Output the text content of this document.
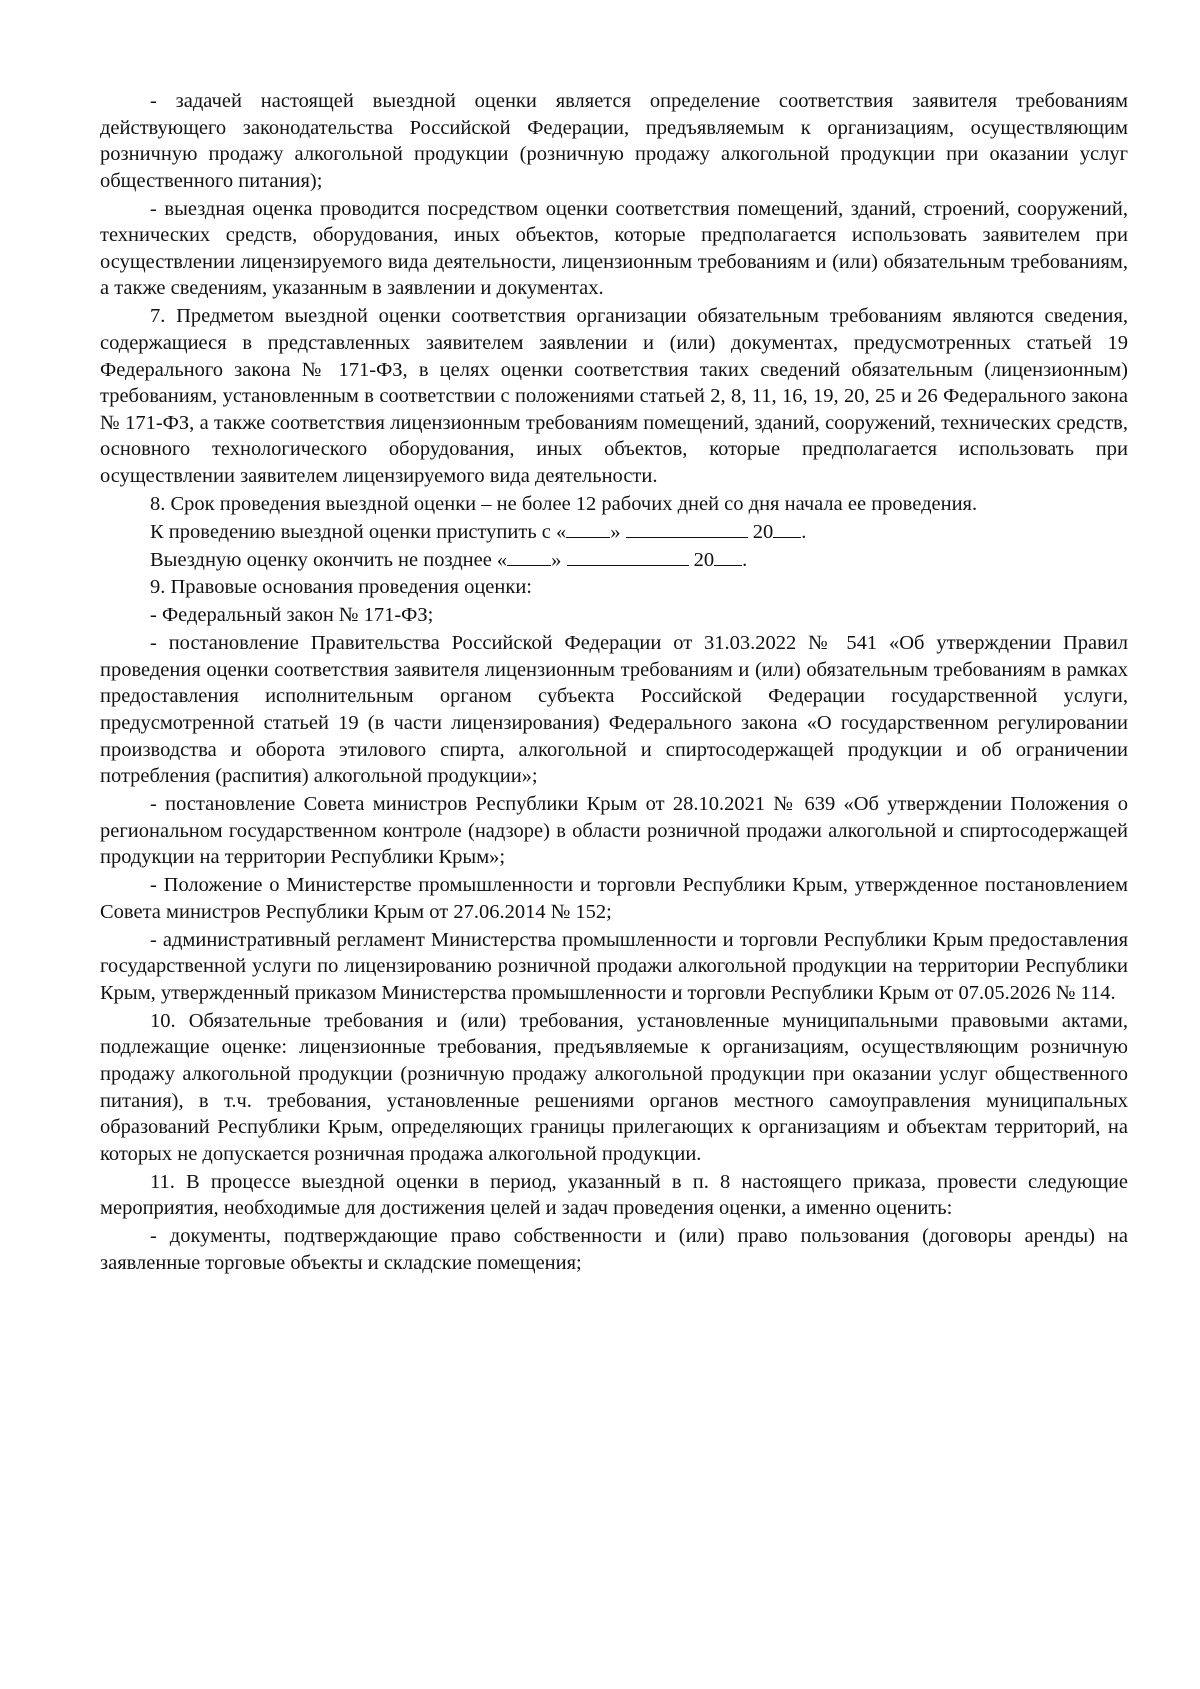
- задачей настоящей выездной оценки является определение соответствия заявителя требованиям действующего законодательства Российской Федерации, предъявляемым к организациям, осуществляющим розничную продажу алкогольной продукции (розничную продажу алкогольной продукции при оказании услуг общественного питания);

- выездная оценка проводится посредством оценки соответствия помещений, зданий, строений, сооружений, технических средств, оборудования, иных объектов, которые предполагается использовать заявителем при осуществлении лицензируемого вида деятельности, лицензионным требованиям и (или) обязательным требованиям, а также сведениям, указанным в заявлении и документах.

7. Предметом выездной оценки соответствия организации обязательным требованиям являются сведения, содержащиеся в представленных заявителем заявлении и (или) документах, предусмотренных статьей 19 Федерального закона № 171-ФЗ, в целях оценки соответствия таких сведений обязательным (лицензионным) требованиям, установленным в соответствии с положениями статьей 2, 8, 11, 16, 19, 20, 25 и 26 Федерального закона № 171-ФЗ, а также соответствия лицензионным требованиям помещений, зданий, сооружений, технических средств, основного технологического оборудования, иных объектов, которые предполагается использовать при осуществлении заявителем лицензируемого вида деятельности.

8. Срок проведения выездной оценки – не более 12 рабочих дней со дня начала ее проведения.

К проведению выездной оценки приступить с « »	20 .

Выездную оценку окончить не позднее « »	20 .

9. Правовые основания проведения оценки:

- Федеральный закон № 171-ФЗ;

- постановление Правительства Российской Федерации от 31.03.2022 № 541 «Об утверждении Правил проведения оценки соответствия заявителя лицензионным требованиям и (или) обязательным требованиям в рамках предоставления исполнительным органом субъекта Российской Федерации государственной услуги, предусмотренной статьей 19 (в части лицензирования) Федерального закона «О государственном регулировании производства и оборота этилового спирта, алкогольной и спиртосодержащей продукции и об ограничении потребления (распития) алкогольной продукции»;

- постановление Совета министров Республики Крым от 28.10.2021 № 639 «Об утверждении Положения о региональном государственном контроле (надзоре) в области розничной продажи алкогольной и спиртосодержащей продукции на территории Республики Крым»;

- Положение о Министерстве промышленности и торговли Республики Крым, утвержденное постановлением Совета министров Республики Крым от 27.06.2014 № 152;

- административный регламент Министерства промышленности и торговли Республики Крым предоставления государственной услуги по лицензированию розничной продажи алкогольной продукции на территории Республики Крым, утвержденный приказом Министерства промышленности и торговли Республики Крым от 07.05.2026 № 114.

10. Обязательные требования и (или) требования, установленные муниципальными правовыми актами, подлежащие оценке: лицензионные требования, предъявляемые к организациям, осуществляющим розничную продажу алкогольной продукции (розничную продажу алкогольной продукции при оказании услуг общественного питания), в т.ч. требования, установленные решениями органов местного самоуправления муниципальных образований Республики Крым, определяющих границы прилегающих к организациям и объектам территорий, на которых не допускается розничная продажа алкогольной продукции.

11. В процессе выездной оценки в период, указанный в п. 8 настоящего приказа, провести следующие мероприятия, необходимые для достижения целей и задач проведения оценки, а именно оценить:

- документы, подтверждающие право собственности и (или) право пользования (договоры аренды) на заявленные торговые объекты и складские помещения;
